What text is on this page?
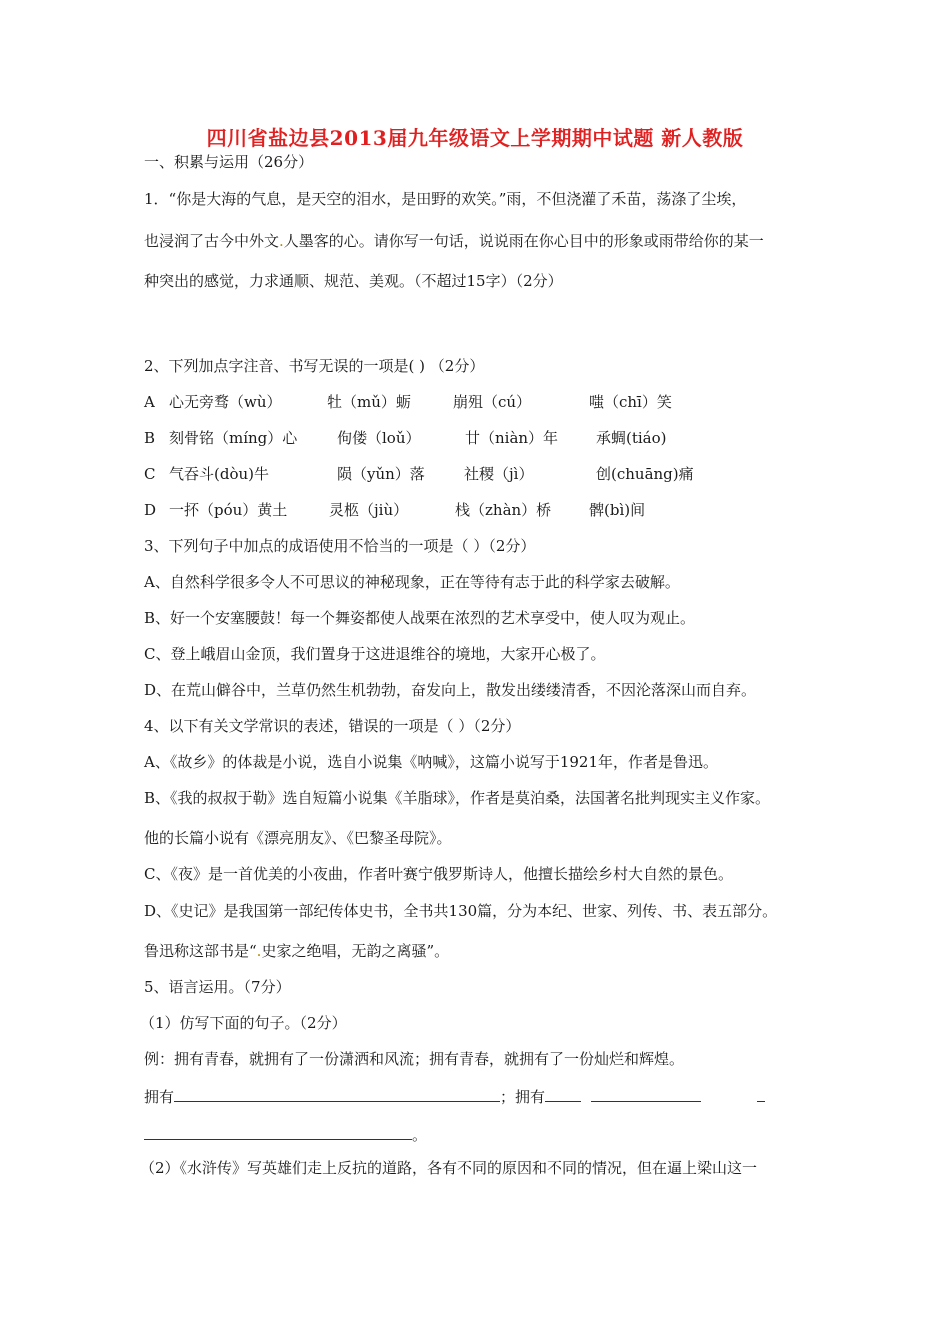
四川省盐边县2013届九年级语文上学期期中试题 新人教版
一、积累与运用（26分）
1．“你是大海的气息，是天空的泪水，是田野的欢笑。”雨，不但浇灌了禾苗，荡涤了尘埃，
也浸润了古今中外文.人墨客的心。请你写一句话，说说雨在你心目中的形象或雨带给你的某一
种突出的感觉，力求通顺、规范、美观。（不超过15字）（2分）
2、下列加点字注音、书写无误的一项是( ) （2分）
A 心无旁骛（wù）	牡（mǔ）蛎	崩殂（cú）	嗤（chī）笑
B 刻骨铭（míng）心	佝偻（loǔ）	廿（niàn）年	承蜩(tiáo)
C 气吞斗(dòu)牛	陨（yǔn）落	社稷（jì）	创(chuāng)痛
D 一抔（póu）黄土	灵柩（jiù）	栈（zhàn）桥	髀(bì)间
3、下列句子中加点的成语使用不恰当的一项是（ ）（2分）
A、自然科学很多令人不可思议的神秘现象，正在等待有志于此的科学家去破解。
B、好一个安塞腰鼓！每一个舞姿都使人战栗在浓烈的艺术享受中，使人叹为观止。
C、登上峨眉山金顶，我们置身于这进退维谷的境地，大家开心极了。
D、在荒山僻谷中，兰草仍然生机勃勃，奋发向上，散发出缕缕清香，不因沦落深山而自弃。
4、以下有关文学常识的表述，错误的一项是（ ）（2分）
A、《故乡》的体裁是小说，选自小说集《呐喊》，这篇小说写于1921年，作者是鲁迅。
B、《我的叔叔于勒》选自短篇小说集《羊脂球》，作者是莫泊桑，法国著名批判现实主义作家。
他的长篇小说有《漂亮朋友》、《巴黎圣母院》。
C、《夜》是一首优美的小夜曲，作者叶赛宁俄罗斯诗人，他擅长描绘乡村大自然的景色。
D、《史记》是我国第一部纪传体史书，全书共130篇，分为本纪、世家、列传、书、表五部分。
鲁迅称这部书是“.史家之绝唱，无韵之离骚”。
5、语言运用。（7分）
（1）仿写下面的句子。（2分）
例：拥有青春，就拥有了一份潇洒和风流；拥有青春，就拥有了一份灿烂和辉煌。
拥有	；拥有
。
（2）《水浒传》写英雄们走上反抗的道路，各有不同的原因和不同的情况，但在逼上梁山这一
